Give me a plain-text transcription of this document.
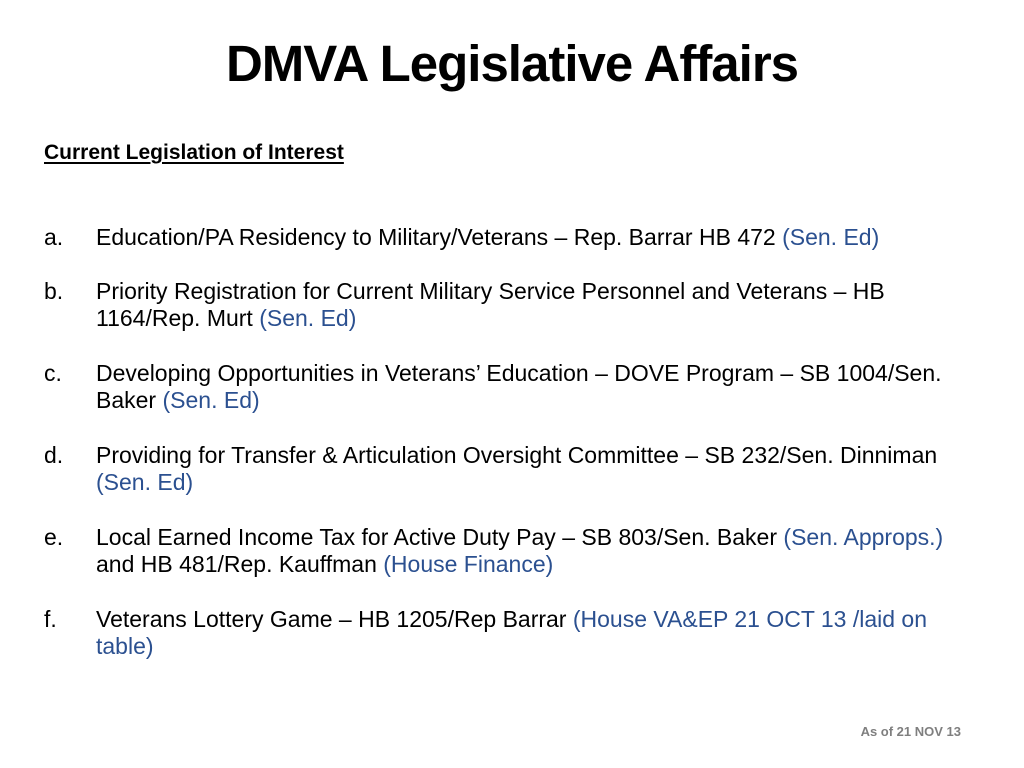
DMVA Legislative Affairs
Current Legislation of Interest
a. Education/PA Residency to Military/Veterans – Rep. Barrar HB 472 (Sen. Ed)
b. Priority Registration for Current Military Service Personnel and Veterans – HB 1164/Rep. Murt (Sen. Ed)
c. Developing Opportunities in Veterans’ Education – DOVE Program – SB 1004/Sen. Baker (Sen. Ed)
d. Providing for Transfer & Articulation Oversight Committee – SB 232/Sen. Dinniman (Sen. Ed)
e. Local Earned Income Tax for Active Duty Pay – SB 803/Sen. Baker (Sen. Approps.) and HB 481/Rep. Kauffman (House Finance)
f. Veterans Lottery Game – HB 1205/Rep Barrar (House VA&EP 21 OCT 13 /laid on table)
As of 21 NOV 13
